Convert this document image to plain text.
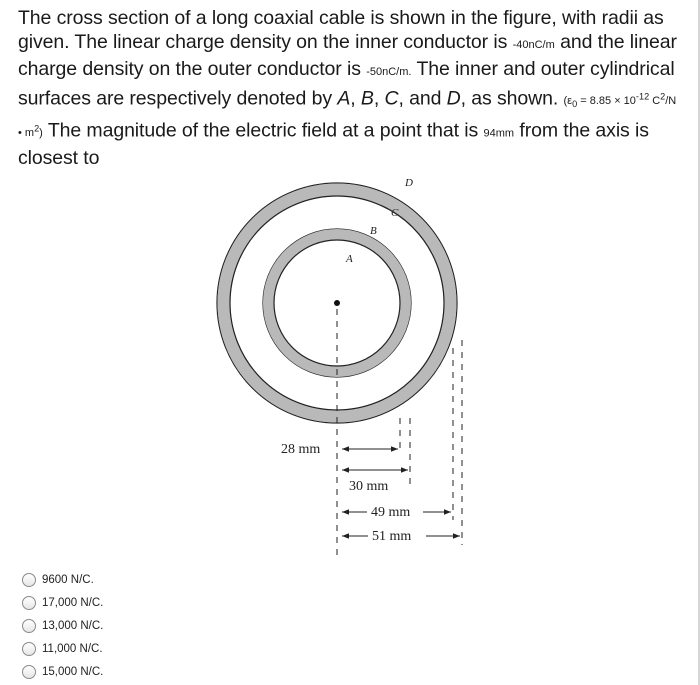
The cross section of a long coaxial cable is shown in the figure, with radii as given. The linear charge density on the inner conductor is -40nC/m and the linear charge density on the outer conductor is -50nC/m. The inner and outer cylindrical surfaces are respectively denoted by A, B, C, and D, as shown. ($\varepsilon_0 = 8.85 \times 10^{-12}$ $C^2/N$ • $m^2$) The magnitude of the electric field at a point that is 94mm from the axis is closest to
28 mm
30 mm
49 mm
51 mm
A
B
C
D
9600 N/C.
17,000 N/C.
13,000 N/C.
11,000 N/C.
15,000 N/C.
